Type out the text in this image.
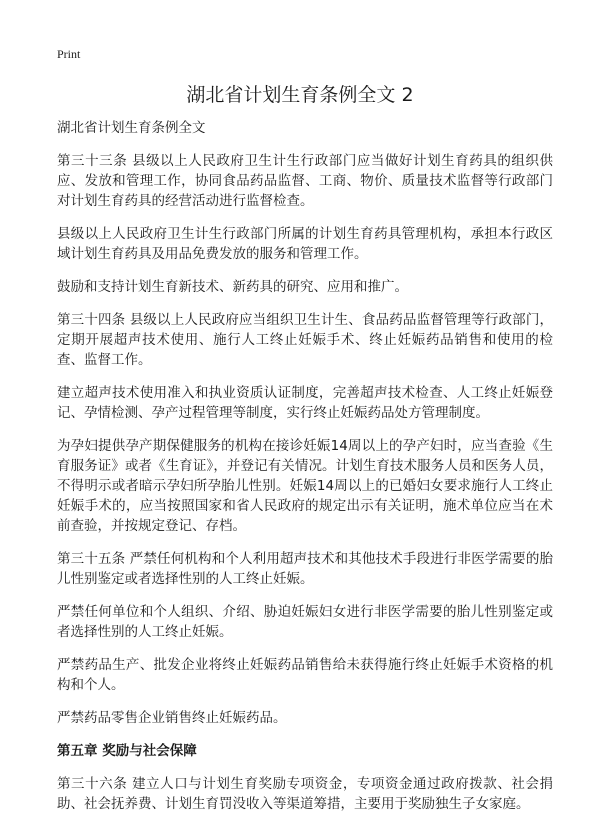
Print
湖北省计划生育条例全文 2

湖北省计划生育条例全文

第三十三条 县级以上人民政府卫生计生行政部门应当做好计划生育药具的组织供应、发放和管理工作，协同食品药品监督、工商、物价、质量技术监督等行政部门对计划生育药具的经营活动进行监督检查。

县级以上人民政府卫生计生行政部门所属的计划生育药具管理机构，承担本行政区域计划生育药具及用品免费发放的服务和管理工作。

鼓励和支持计划生育新技术、新药具的研究、应用和推广。

第三十四条 县级以上人民政府应当组织卫生计生、食品药品监督管理等行政部门，定期开展超声技术使用、施行人工终止妊娠手术、终止妊娠药品销售和使用的检查、监督工作。

建立超声技术使用准入和执业资质认证制度，完善超声技术检查、人工终止妊娠登记、孕情检测、孕产过程管理等制度，实行终止妊娠药品处方管理制度。

为孕妇提供孕产期保健服务的机构在接诊妊娠14周以上的孕产妇时，应当查验《生育服务证》或者《生育证》，并登记有关情况。计划生育技术服务人员和医务人员，不得明示或者暗示孕妇所孕胎儿性别。妊娠14周以上的已婚妇女要求施行人工终止妊娠手术的，应当按照国家和省人民政府的规定出示有关证明，施术单位应当在术前查验，并按规定登记、存档。

第三十五条 严禁任何机构和个人利用超声技术和其他技术手段进行非医学需要的胎儿性别鉴定或者选择性别的人工终止妊娠。

严禁任何单位和个人组织、介绍、胁迫妊娠妇女进行非医学需要的胎儿性别鉴定或者选择性别的人工终止妊娠。

严禁药品生产、批发企业将终止妊娠药品销售给未获得施行终止妊娠手术资格的机构和个人。

严禁药品零售企业销售终止妊娠药品。

第五章 奖励与社会保障

第三十六条 建立人口与计划生育奖励专项资金，专项资金通过政府拨款、社会捐助、社会抚养费、计划生育罚没收入等渠道筹措，主要用于奖励独生子女家庭。
